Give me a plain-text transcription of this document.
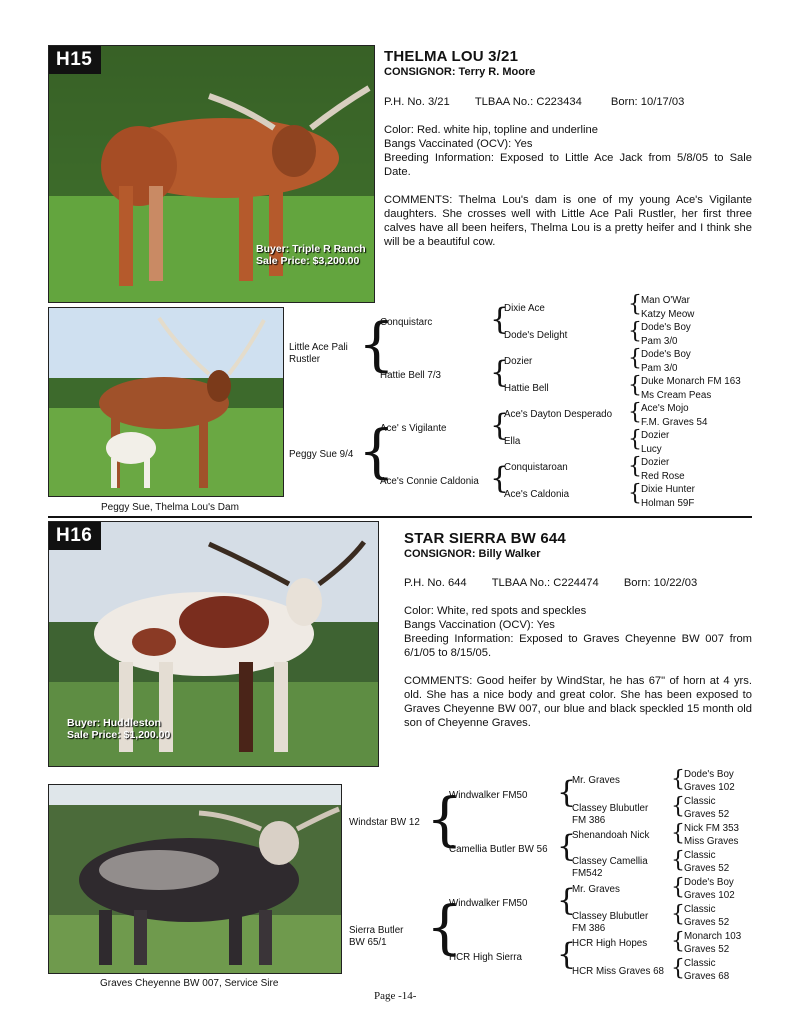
H15
Buyer: Triple R Ranch
Sale Price: $3,200.00
THELMA LOU 3/21
CONSIGNOR: Terry R. Moore
P.H. No. 3/21 TLBAA No.: C223434	Born: 10/17/03
Color: Red. white hip, topline and underline
Bangs Vaccinated (OCV): Yes
Breeding Information: Exposed to Little Ace Jack from 5/8/05 to Sale Date.
COMMENTS: Thelma Lou's dam is one of my young Ace's Vigilante daughters. She crosses well with Little Ace Pali Rustler, her first three calves have all been heifers, Thelma Lou is a pretty heifer and I think she will be a beautiful cow.
Peggy Sue, Thelma Lou's Dam
Little Ace Pali Rustler
Peggy Sue 9/4
{
{
Conquistarc
Hattie Bell 7/3
Ace' s Vigilante
Ace's Connie Caldonia
{
{
{
{
Dixie Ace
Dode's Delight
Dozier
Hattie Bell
Ace's Dayton Desperado
Ella
Conquistaroan
Ace's Caldonia
{
{
{
{
{
{
{
{
Man O'War
Katzy Meow
Dode's Boy
Pam 3/0
Dode's Boy
Pam 3/0
Duke Monarch FM 163
Ms Cream Peas
Ace's Mojo
F.M. Graves 54
Dozier
Lucy
Dozier
Red Rose
Dixie Hunter
Holman 59F
H16
Buyer: Huddleston
Sale Price: $1,200.00
STAR SIERRA BW 644
CONSIGNOR: Billy Walker
P.H. No. 644 TLBAA No.: C224474 Born: 10/22/03
Color: White, red spots and speckles
Bangs Vaccination (OCV): Yes
Breeding Information: Exposed to Graves Cheyenne BW 007 from 6/1/05 to 8/15/05.
COMMENTS: Good heifer by WindStar, he has 67" of horn at 4 yrs. old. She has a nice body and great color. She has been exposed to Graves Cheyenne BW 007, our blue and black speckled 15 month old son of Cheyenne Graves.
Graves Cheyenne BW 007, Service Sire
Windstar BW 12
Sierra Butler BW 65/1
{
{
Windwalker FM50
Camellia Butler BW 56
Windwalker FM50
HCR High Sierra
{
{
{
{
Mr. Graves
Classey Blubutler FM 386
Shenandoah Nick
Classey Camellia FM542
Mr. Graves
Classey Blubutler FM 386
HCR High Hopes
HCR Miss Graves 68
{
{
{
{
{
{
{
{
Dode's Boy
Graves 102
Classic
Graves 52
Nick FM 353
Miss Graves
Classic
Graves 52
Dode's Boy
Graves 102
Classic
Graves 52
Monarch 103
Graves 52
Classic
Graves 68
Page -14-
